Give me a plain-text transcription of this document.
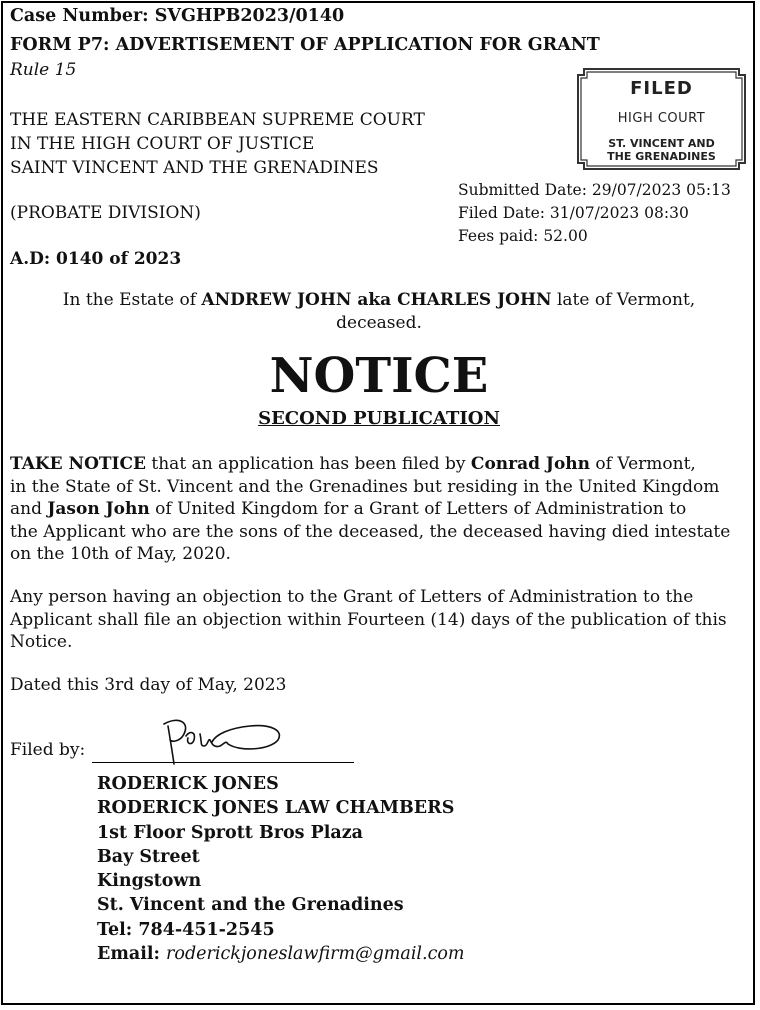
Case Number: SVGHPB2023/0140
FORM P7: ADVERTISEMENT OF APPLICATION FOR GRANT
Rule 15
THE EASTERN CARIBBEAN SUPREME COURT
IN THE HIGH COURT OF JUSTICE
SAINT VINCENT AND THE GRENADINES
(PROBATE DIVISION)
A.D: 0140 of 2023
FILED
HIGH COURT
ST. VINCENT AND
THE GRENADINES
Submitted Date: 29/07/2023 05:13
Filed Date: 31/07/2023 08:30
Fees paid: 52.00
In the Estate of ANDREW JOHN aka CHARLES JOHN late of Vermont,
deceased.
NOTICE
SECOND PUBLICATION
TAKE NOTICE that an application has been filed by Conrad John of Vermont,
in the State of St. Vincent and the Grenadines but residing in the United Kingdom
and Jason John of United Kingdom for a Grant of Letters of Administration to
the Applicant who are the sons of the deceased, the deceased having died intestate
on the 10th of May, 2020.
Any person having an objection to the Grant of Letters of Administration to the
Applicant shall file an objection within Fourteen (14) days of the publication of this
Notice.
Dated this 3rd day of May, 2023
Filed by:
RODERICK JONES
RODERICK JONES LAW CHAMBERS
1st Floor Sprott Bros Plaza
Bay Street
Kingstown
St. Vincent and the Grenadines
Tel: 784-451-2545
Email: roderickjoneslawfirm@gmail.com
